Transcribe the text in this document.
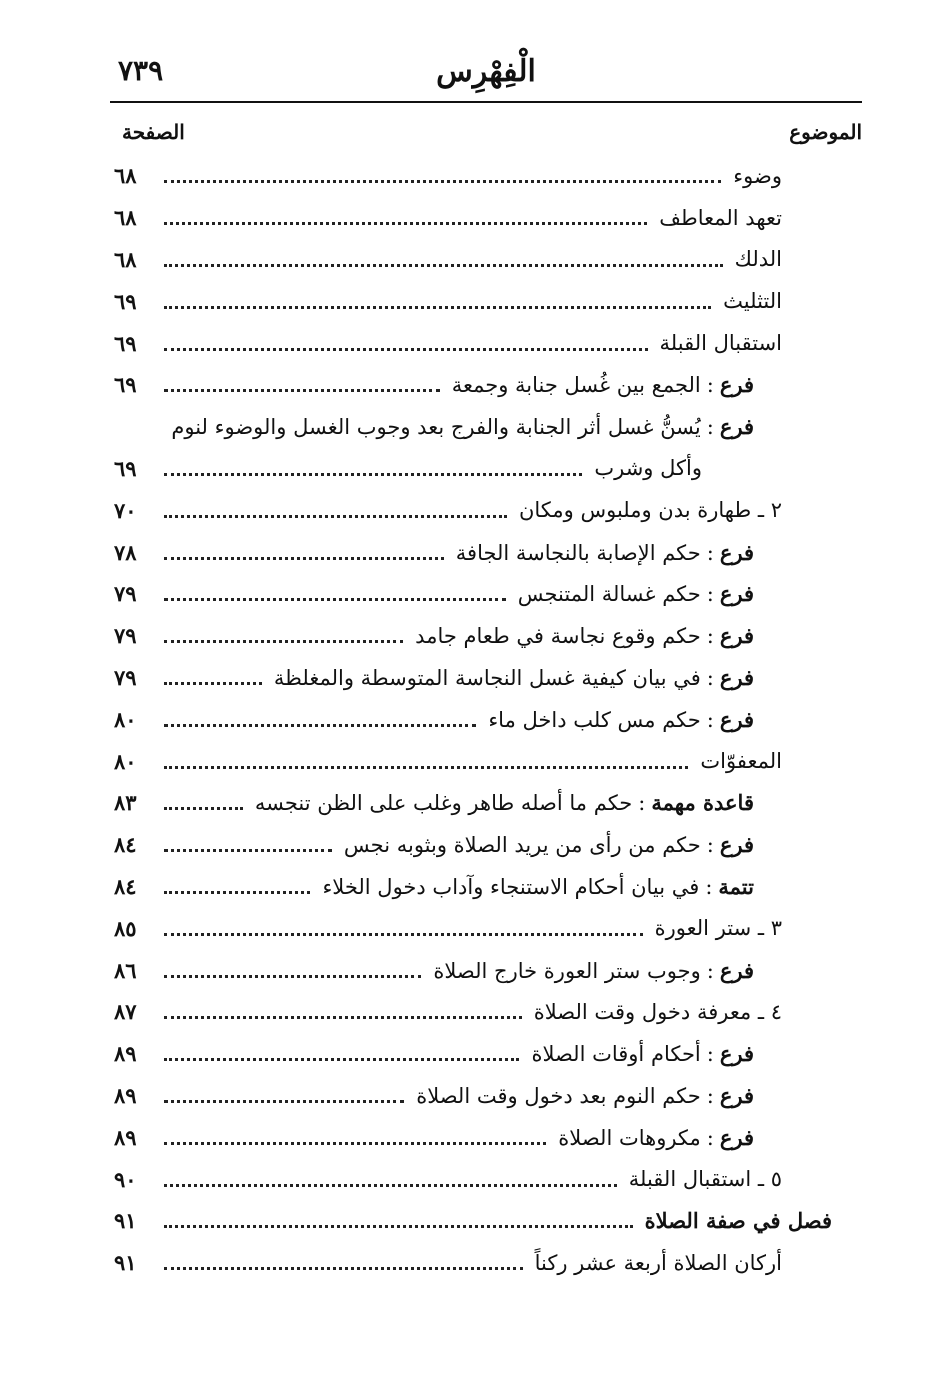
٧٣٩	الْفِهْرِس
الموضوع
الصفحة
وضوء
٦٨
تعهد المعاطف
٦٨
الدلك
٦٨
التثليث
٦٩
استقبال القبلة
٦٩
فرع:الجمع بين غُسل جنابة وجمعة
٦٩
فرع:يُسنُّ غسل أثر الجنابة والفرج بعد وجوب الغسل والوضوء لنوم
وأكل وشرب
٦٩
٢ ـ طهارة بدن وملبوس ومكان
٧٠
فرع:حكم الإصابة بالنجاسة الجافة
٧٨
فرع:حكم غسالة المتنجس
٧٩
فرع:حكم وقوع نجاسة في طعام جامد
٧٩
فرع:في بيان كيفية غسل النجاسة المتوسطة والمغلظة
٧٩
فرع:حكم مس كلب داخل ماء
٨٠
المعفوّات
٨٠
قاعدة مهمة:حكم ما أصله طاهر وغلب على الظن تنجسه
٨٣
فرع:حكم من رأى من يريد الصلاة وبثوبه نجس
٨٤
تتمة:في بيان أحكام الاستنجاء وآداب دخول الخلاء
٨٤
٣ ـ ستر العورة
٨٥
فرع:وجوب ستر العورة خارج الصلاة
٨٦
٤ ـ معرفة دخول وقت الصلاة
٨٧
فرع:أحكام أوقات الصلاة
٨٩
فرع:حكم النوم بعد دخول وقت الصلاة
٨٩
فرع:مكروهات الصلاة
٨٩
٥ ـ استقبال القبلة
٩٠
فصل في صفة الصلاة
٩١
أركان الصلاة أربعة عشر ركناً
٩١
